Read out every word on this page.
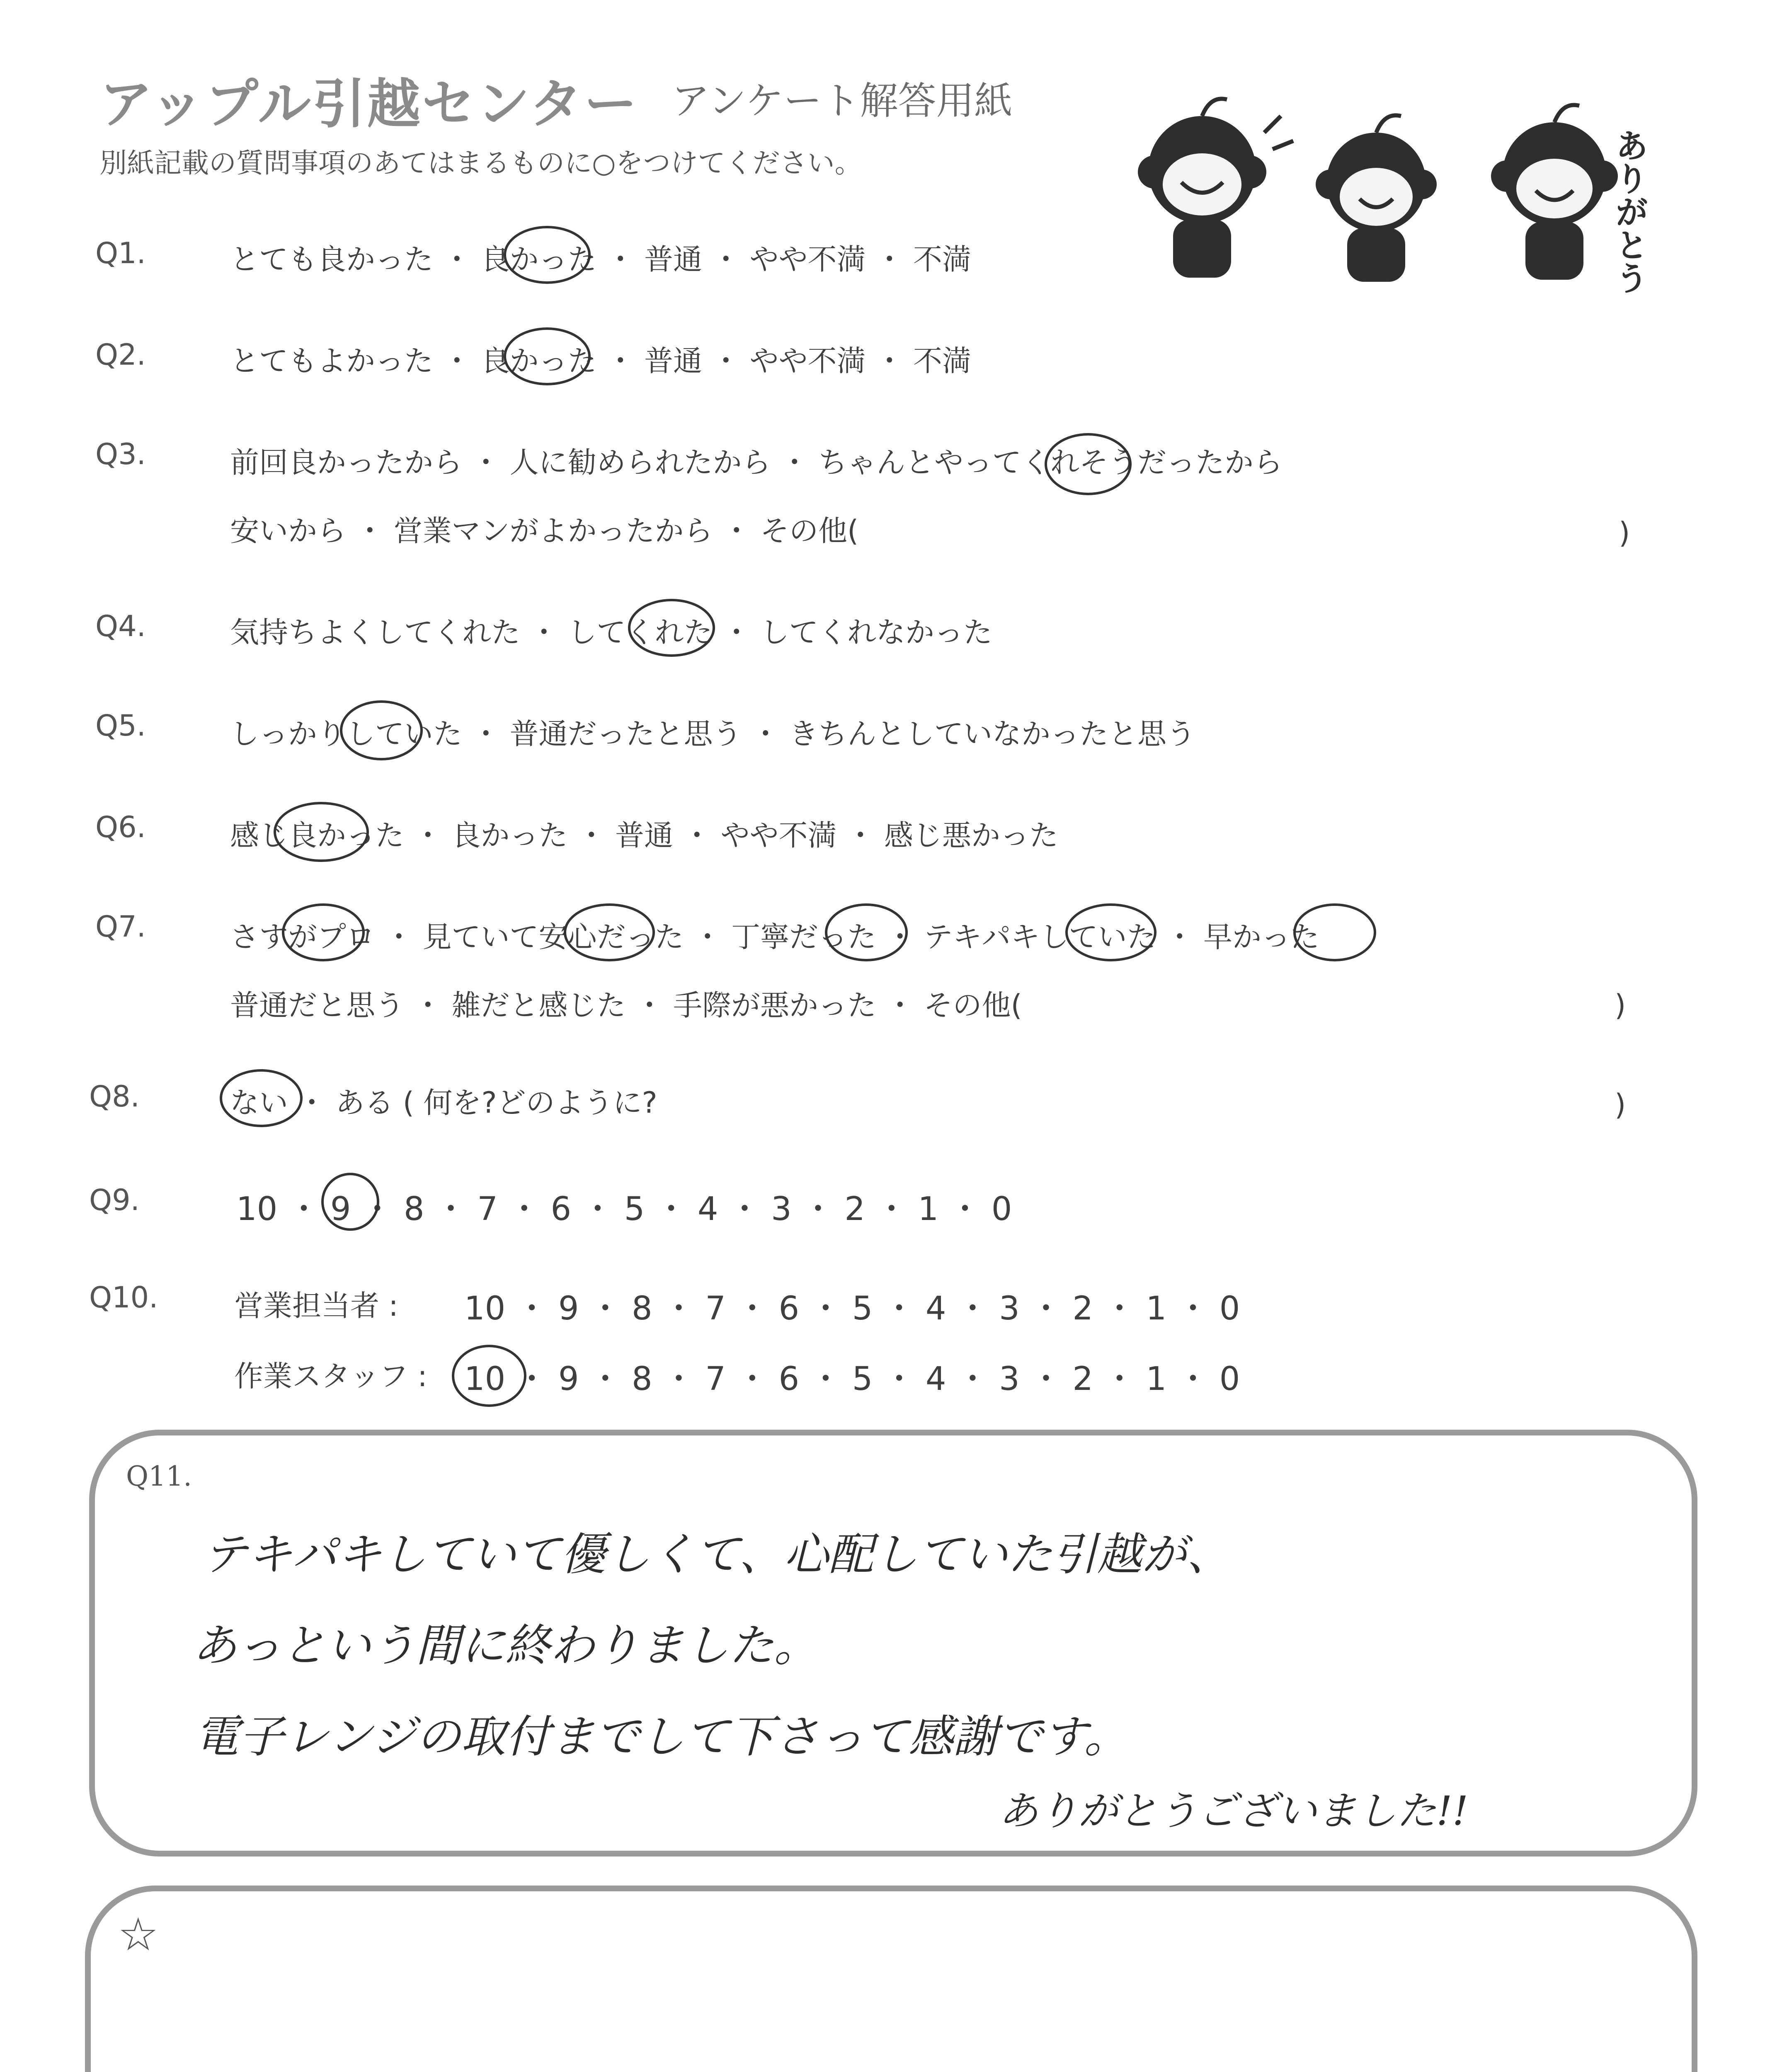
アップル引越センター アンケート解答用紙
別紙記載の質問事項のあてはまるものに○をつけてください。	ありがとう
Q1.	とても良かった ・ 良かった ・ 普通 ・ やや不満 ・ 不満
Q2.	とてもよかった ・ 良かった ・ 普通 ・ やや不満 ・ 不満
Q3.	前回良かったから ・ 人に勧められたから ・ ちゃんとやってくれそうだったから
安いから ・ 営業マンがよかったから ・ その他(	)
Q4.	気持ちよくしてくれた ・ してくれた ・ してくれなかった
Q5.	しっかりしていた ・ 普通だったと思う ・ きちんとしていなかったと思う
Q6.	感じ良かった ・ 良かった ・ 普通 ・ やや不満 ・ 感じ悪かった
Q7.	さすがプロ ・ 見ていて安心だった ・ 丁寧だった ・ テキパキしていた ・ 早かった
普通だと思う ・ 雑だと感じた ・ 手際が悪かった ・ その他(	)
Q8.	ない ・ ある ( 何を?どのように?	)
Q9.	10 ・ 9 ・ 8 ・ 7 ・ 6 ・ 5 ・ 4 ・ 3 ・ 2 ・ 1 ・ 0
Q10.	営業担当者 : 10 ・ 9 ・ 8 ・ 7 ・ 6 ・ 5 ・ 4 ・ 3 ・ 2 ・ 1 ・ 0
作業スタッフ : 10 ・ 9 ・ 8 ・ 7 ・ 6 ・ 5 ・ 4 ・ 3 ・ 2 ・ 1 ・ 0
Q11.
テキパキしていて優しくて、心配していた引越が、
あっという間に終わりました。
電子レンジの取付までして下さって感謝です。
ありがとうございました!!
☆
